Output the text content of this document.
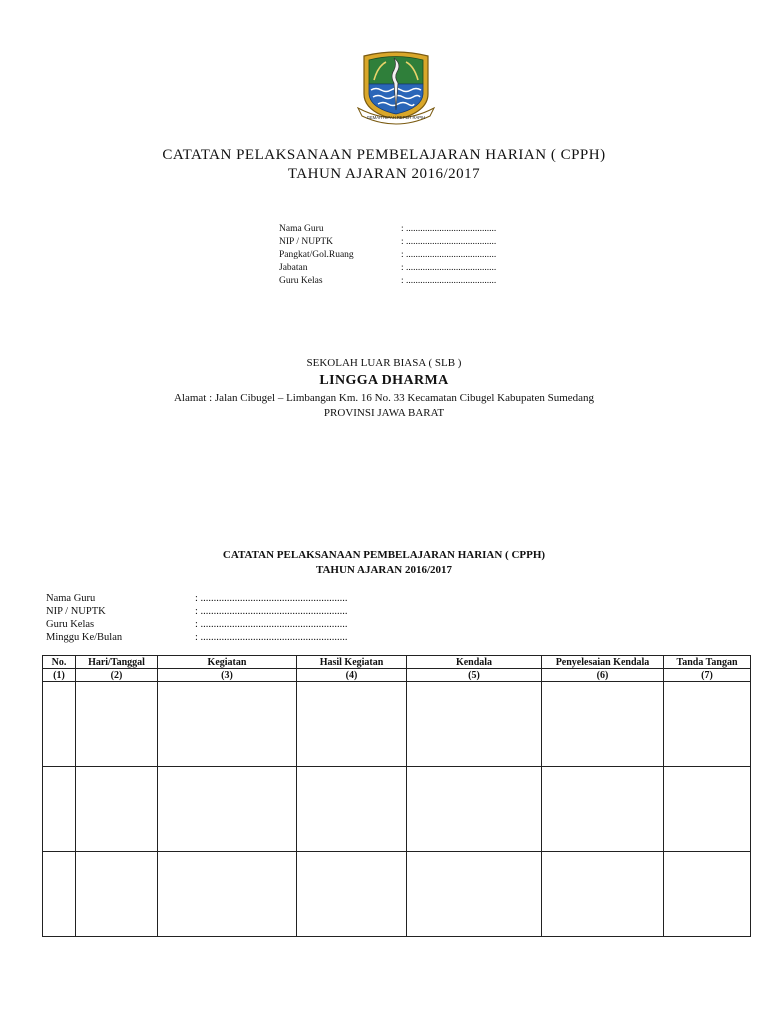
GEMAH RIPAH REPEH RAPIH
CATATAN PELAKSANAAN PEMBELAJARAN HARIAN ( CPPH)
TAHUN AJARAN 2016/2017
Nama Guru	: ......................................
NIP / NUPTK	: ......................................
Pangkat/Gol.Ruang	: ......................................
Jabatan	: ......................................
Guru Kelas	: ......................................
SEKOLAH LUAR BIASA ( SLB )
LINGGA DHARMA
Alamat : Jalan Cibugel – Limbangan Km. 16 No. 33 Kecamatan Cibugel Kabupaten Sumedang
PROVINSI JAWA BARAT
CATATAN PELAKSANAAN PEMBELAJARAN HARIAN ( CPPH)
TAHUN AJARAN 2016/2017
Nama Guru	: ........................................................
NIP / NUPTK	: ........................................................
Guru Kelas	: ........................................................
Minggu Ke/Bulan	: ........................................................
No.	Hari/Tanggal	Kegiatan	Hasil Kegiatan	Kendala	Penyelesaian Kendala	Tanda Tangan
(1)	(2)	(3)	(4)	(5)	(6)	(7)
